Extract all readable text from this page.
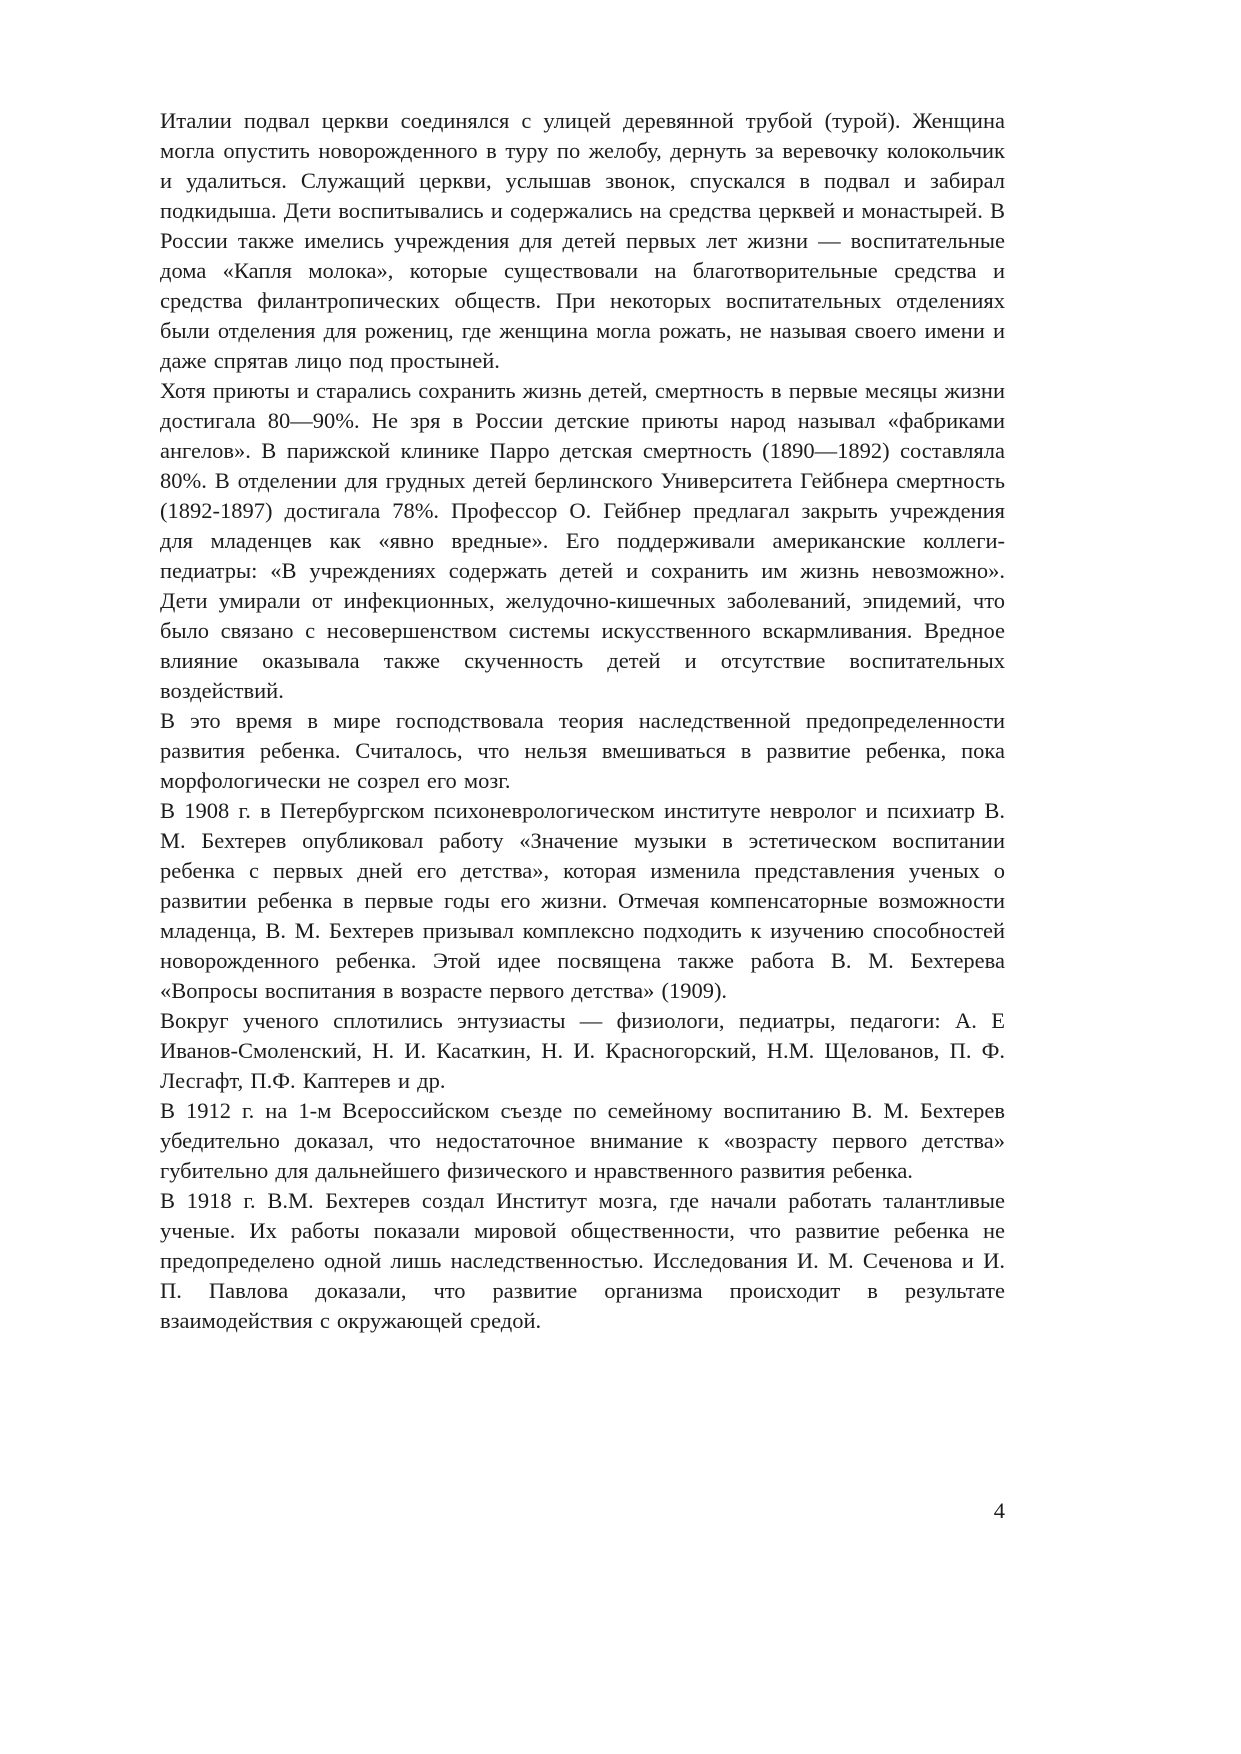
Италии подвал церкви соединялся с улицей деревянной трубой (турой). Женщина могла опустить новорожденного в туру по желобу, дернуть за веревочку колокольчик и удалиться. Служащий церкви, услышав звонок, спускался в подвал и забирал подкидыша. Дети воспитывались и содержались на средства церквей и монастырей. В России также имелись учреждения для детей первых лет жизни — воспитательные дома «Капля молока», которые существовали на благотворительные средства и средства филантропических обществ. При некоторых воспитательных отделениях были отделения для рожениц, где женщина могла рожать, не называя своего имени и даже спрятав лицо под простыней.

Хотя приюты и старались сохранить жизнь детей, смертность в первые месяцы жизни достигала 80—90%. Не зря в России детские приюты народ называл «фабриками ангелов». В парижской клинике Парро детская смертность (1890—1892) составляла 80%. В отделении для грудных детей берлинского Университета Гейбнера смертность (1892-1897) достигала 78%. Профессор О. Гейбнер предлагал закрыть учреждения для младенцев как «явно вредные». Его поддерживали американские коллеги-педиатры: «В учреждениях содержать детей и сохранить им жизнь невозможно». Дети умирали от инфекционных, желудочно-кишечных заболеваний, эпидемий, что было связано с несовершенством системы искусственного вскармливания. Вредное влияние оказывала также скученность детей и отсутствие воспитательных воздействий.

В это время в мире господствовала теория наследственной предопределенности развития ребенка. Считалось, что нельзя вмешиваться в развитие ребенка, пока морфологически не созрел его мозг.

В 1908 г. в Петербургском психоневрологическом институте невролог и психиатр В. М. Бехтерев опубликовал работу «Значение музыки в эстетическом воспитании ребенка с первых дней его детства», которая изменила представления ученых о развитии ребенка в первые годы его жизни. Отмечая компенсаторные возможности младенца, В. М. Бехтерев призывал комплексно подходить к изучению способностей новорожденного ребенка. Этой идее посвящена также работа В. М. Бехтерева «Вопросы воспитания в возрасте первого детства» (1909).

Вокруг ученого сплотились энтузиасты — физиологи, педиатры, педагоги: А. Е Иванов-Смоленский, Н. И. Касаткин, Н. И. Красногорский, Н.М. Щелованов, П. Ф. Лесгафт, П.Ф. Каптерев и др.

В 1912 г. на 1-м Всероссийском съезде по семейному воспитанию В. М. Бехтерев убедительно доказал, что недостаточное внимание к «возрасту первого детства» губительно для дальнейшего физического и нравственного развития ребенка.

В 1918 г. В.М. Бехтерев создал Институт мозга, где начали работать талантливые ученые. Их работы показали мировой общественности, что развитие ребенка не предопределено одной лишь наследственностью. Исследования И. М. Сеченова и И. П. Павлова доказали, что развитие организма происходит в результате взаимодействия с окружающей средой.

4
